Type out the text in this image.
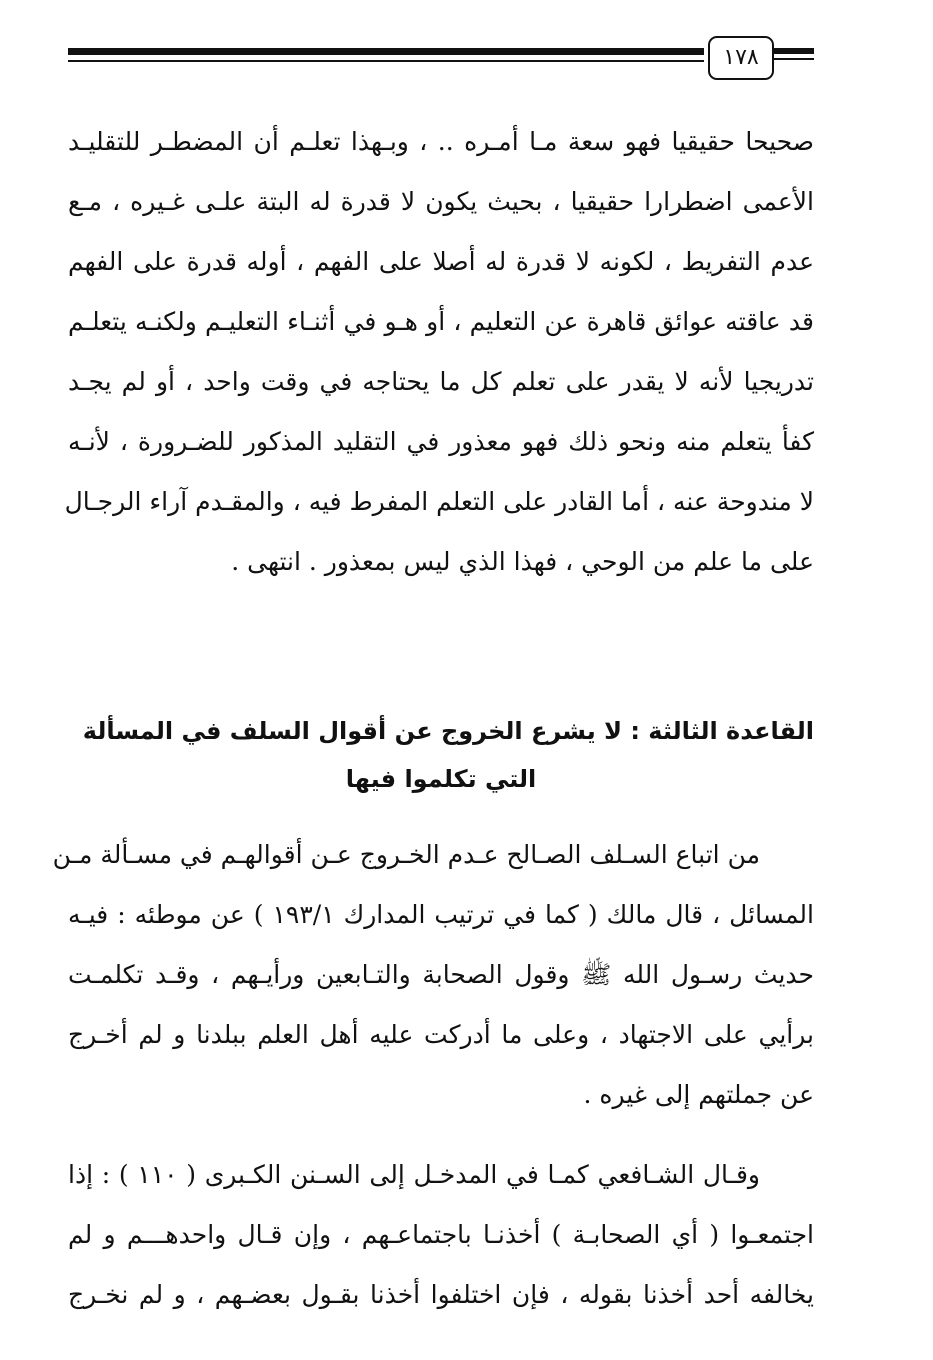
١٧٨
صحيحا حقيقيا فهو سعة مـا أمـره .. ، وبـهذا تعلـم أن المضطـر للتقليـد
الأعمى اضطرارا حقيقيا ، بحيث يكون لا قدرة له البتة علـى غـيره ، مـع
عدم التفريط ، لكونه لا قدرة له أصلا على الفهم ، أوله قدرة على الفهم
قد عاقته عوائق قاهرة عن التعليم ، أو هـو في أثنـاء التعليـم ولكنـه يتعلـم
تدريجيا لأنه لا يقدر على تعلم كل ما يحتاجه في وقت واحد ، أو لم يجـد
كفأ يتعلم منه ونحو ذلك فهو معذور في التقليد المذكور للضـرورة ، لأنـه
لا مندوحة عنه ، أما القادر على التعلم المفرط فيه ، والمقـدم آراء الرجـال
على ما علم من الوحي ، فهذا الذي ليس بمعذور . انتهى .
القاعدة الثالثة : لا يشرع الخروج عن أقوال السلف في المسألة
التي تكلموا فيها
من اتباع السـلف الصـالح عـدم الخـروج عـن أقوالهـم في مسـألة مـن
المسائل ، قال مالك ( كما في ترتيب المدارك ١٩٣/١ ) عن موطئه : فيـه
حديث رسـول الله ﷺ وقول الصحابة والتـابعين ورأيـهم ، وقـد تكلمـت
برأيي على الاجتهاد ، وعلى ما أدركت عليه أهل العلم ببلدنا و لم أخـرج
عن جملتهم إلى غيره .
وقـال الشـافعي كمـا في المدخـل إلى السـنن الكـبرى ( ١١٠ ) : إذا
اجتمعـوا ( أي الصحابـة ) أخذنـا باجتماعـهم ، وإن قـال واحدهـــم و لم
يخالفه أحد أخذنا بقوله ، فإن اختلفوا أخذنا بقـول بعضـهم ، و لم نخـرج
